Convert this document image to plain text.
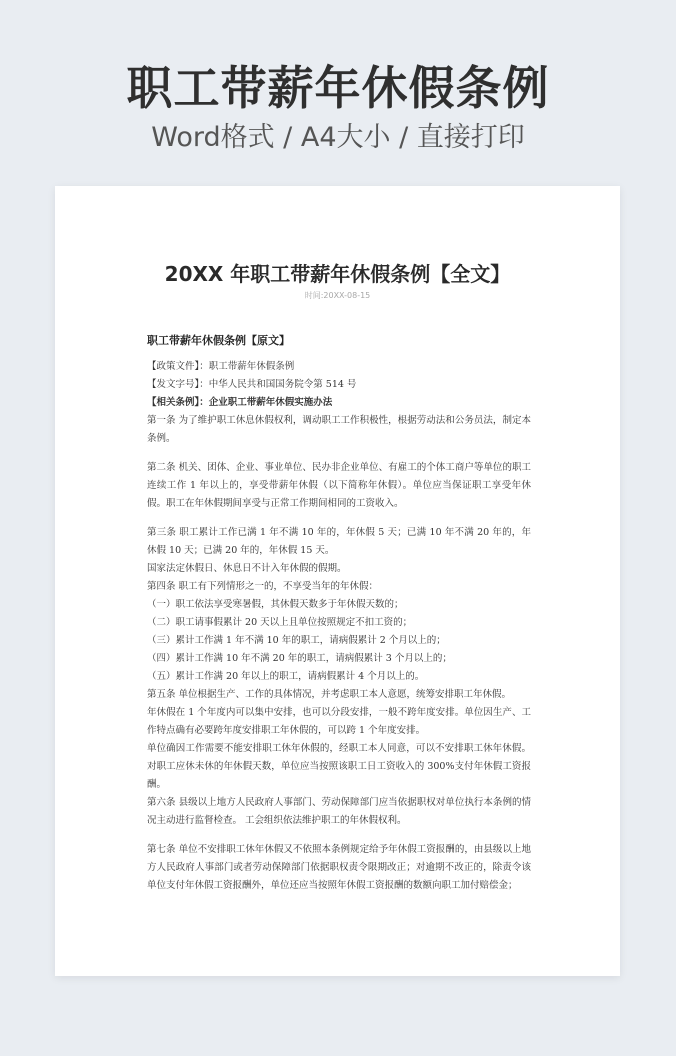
职工带薪年休假条例
Word格式 / A4大小 / 直接打印
20XX 年职工带薪年休假条例【全文】
时间:20XX-08-15
职工带薪年休假条例【原文】
【政策文件】：职工带薪年休假条例
【发文字号】：中华人民共和国国务院令第 514 号
【相关条例】：企业职工带薪年休假实施办法
第一条 为了维护职工休息休假权利，调动职工工作积极性，根据劳动法和公务员法，制定本条例。
第二条 机关、团体、企业、事业单位、民办非企业单位、有雇工的个体工商户等单位的职工连续工作 1 年以上的，享受带薪年休假（以下简称年休假）。单位应当保证职工享受年休假。职工在年休假期间享受与正常工作期间相同的工资收入。
第三条 职工累计工作已满 1 年不满 10 年的，年休假 5 天；已满 10 年不满 20 年的，年休假 10 天；已满 20 年的，年休假 15 天。
国家法定休假日、休息日不计入年休假的假期。
第四条 职工有下列情形之一的，不享受当年的年休假：
（一）职工依法享受寒暑假，其休假天数多于年休假天数的；
（二）职工请事假累计 20 天以上且单位按照规定不扣工资的；
（三）累计工作满 1 年不满 10 年的职工，请病假累计 2 个月以上的；
（四）累计工作满 10 年不满 20 年的职工，请病假累计 3 个月以上的；
（五）累计工作满 20 年以上的职工，请病假累计 4 个月以上的。
第五条 单位根据生产、工作的具体情况，并考虑职工本人意愿，统筹安排职工年休假。
年休假在 1 个年度内可以集中安排，也可以分段安排，一般不跨年度安排。单位因生产、工作特点确有必要跨年度安排职工年休假的，可以跨 1 个年度安排。
单位确因工作需要不能安排职工休年休假的，经职工本人同意，可以不安排职工休年休假。对职工应休未休的年休假天数，单位应当按照该职工日工资收入的 300%支付年休假工资报酬。
第六条 县级以上地方人民政府人事部门、劳动保障部门应当依据职权对单位执行本条例的情况主动进行监督检查。 工会组织依法维护职工的年休假权利。
第七条 单位不安排职工休年休假又不依照本条例规定给予年休假工资报酬的，由县级以上地方人民政府人事部门或者劳动保障部门依据职权责令限期改正；对逾期不改正的，除责令该单位支付年休假工资报酬外，单位还应当按照年休假工资报酬的数额向职工加付赔偿金；
